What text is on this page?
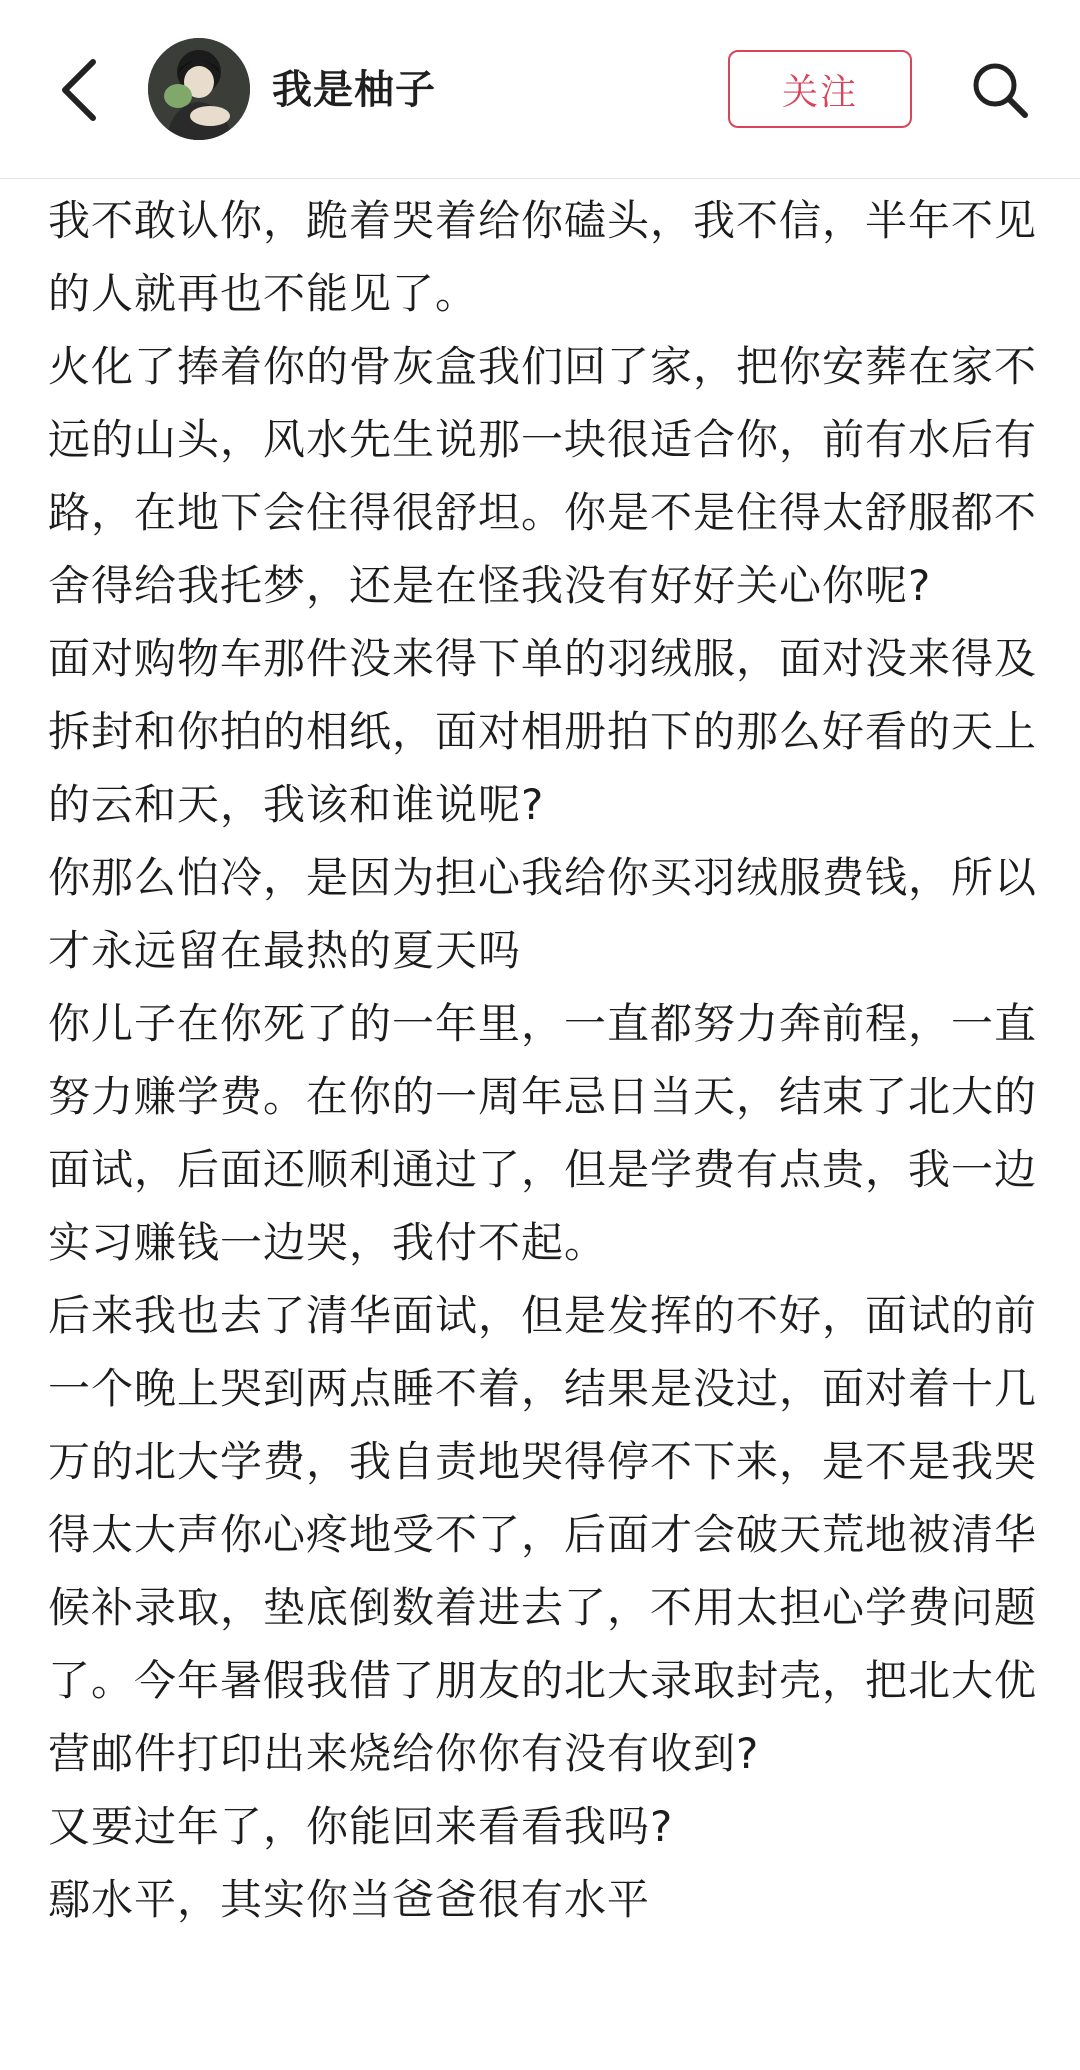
我是柚子	关注

我不敢认你，跪着哭着给你磕头，我不信，半年不见的人就再也不能见了。

火化了捧着你的骨灰盒我们回了家，把你安葬在家不远的山头，风水先生说那一块很适合你，前有水后有路，在地下会住得很舒坦。你是不是住得太舒服都不舍得给我托梦，还是在怪我没有好好关心你呢?

面对购物车那件没来得下单的羽绒服，面对没来得及拆封和你拍的相纸，面对相册拍下的那么好看的天上的云和天，我该和谁说呢?

你那么怕冷，是因为担心我给你买羽绒服费钱，所以才永远留在最热的夏天吗

你儿子在你死了的一年里，一直都努力奔前程，一直努力赚学费。在你的一周年忌日当天，结束了北大的面试，后面还顺利通过了，但是学费有点贵，我一边实习赚钱一边哭，我付不起。

后来我也去了清华面试，但是发挥的不好，面试的前一个晚上哭到两点睡不着，结果是没过，面对着十几万的北大学费，我自责地哭得停不下来，是不是我哭得太大声你心疼地受不了，后面才会破天荒地被清华候补录取，垫底倒数着进去了，不用太担心学费问题了。今年暑假我借了朋友的北大录取封壳，把北大优营邮件打印出来烧给你你有没有收到?

又要过年了，你能回来看看我吗?

鄢水平，其实你当爸爸很有水平
